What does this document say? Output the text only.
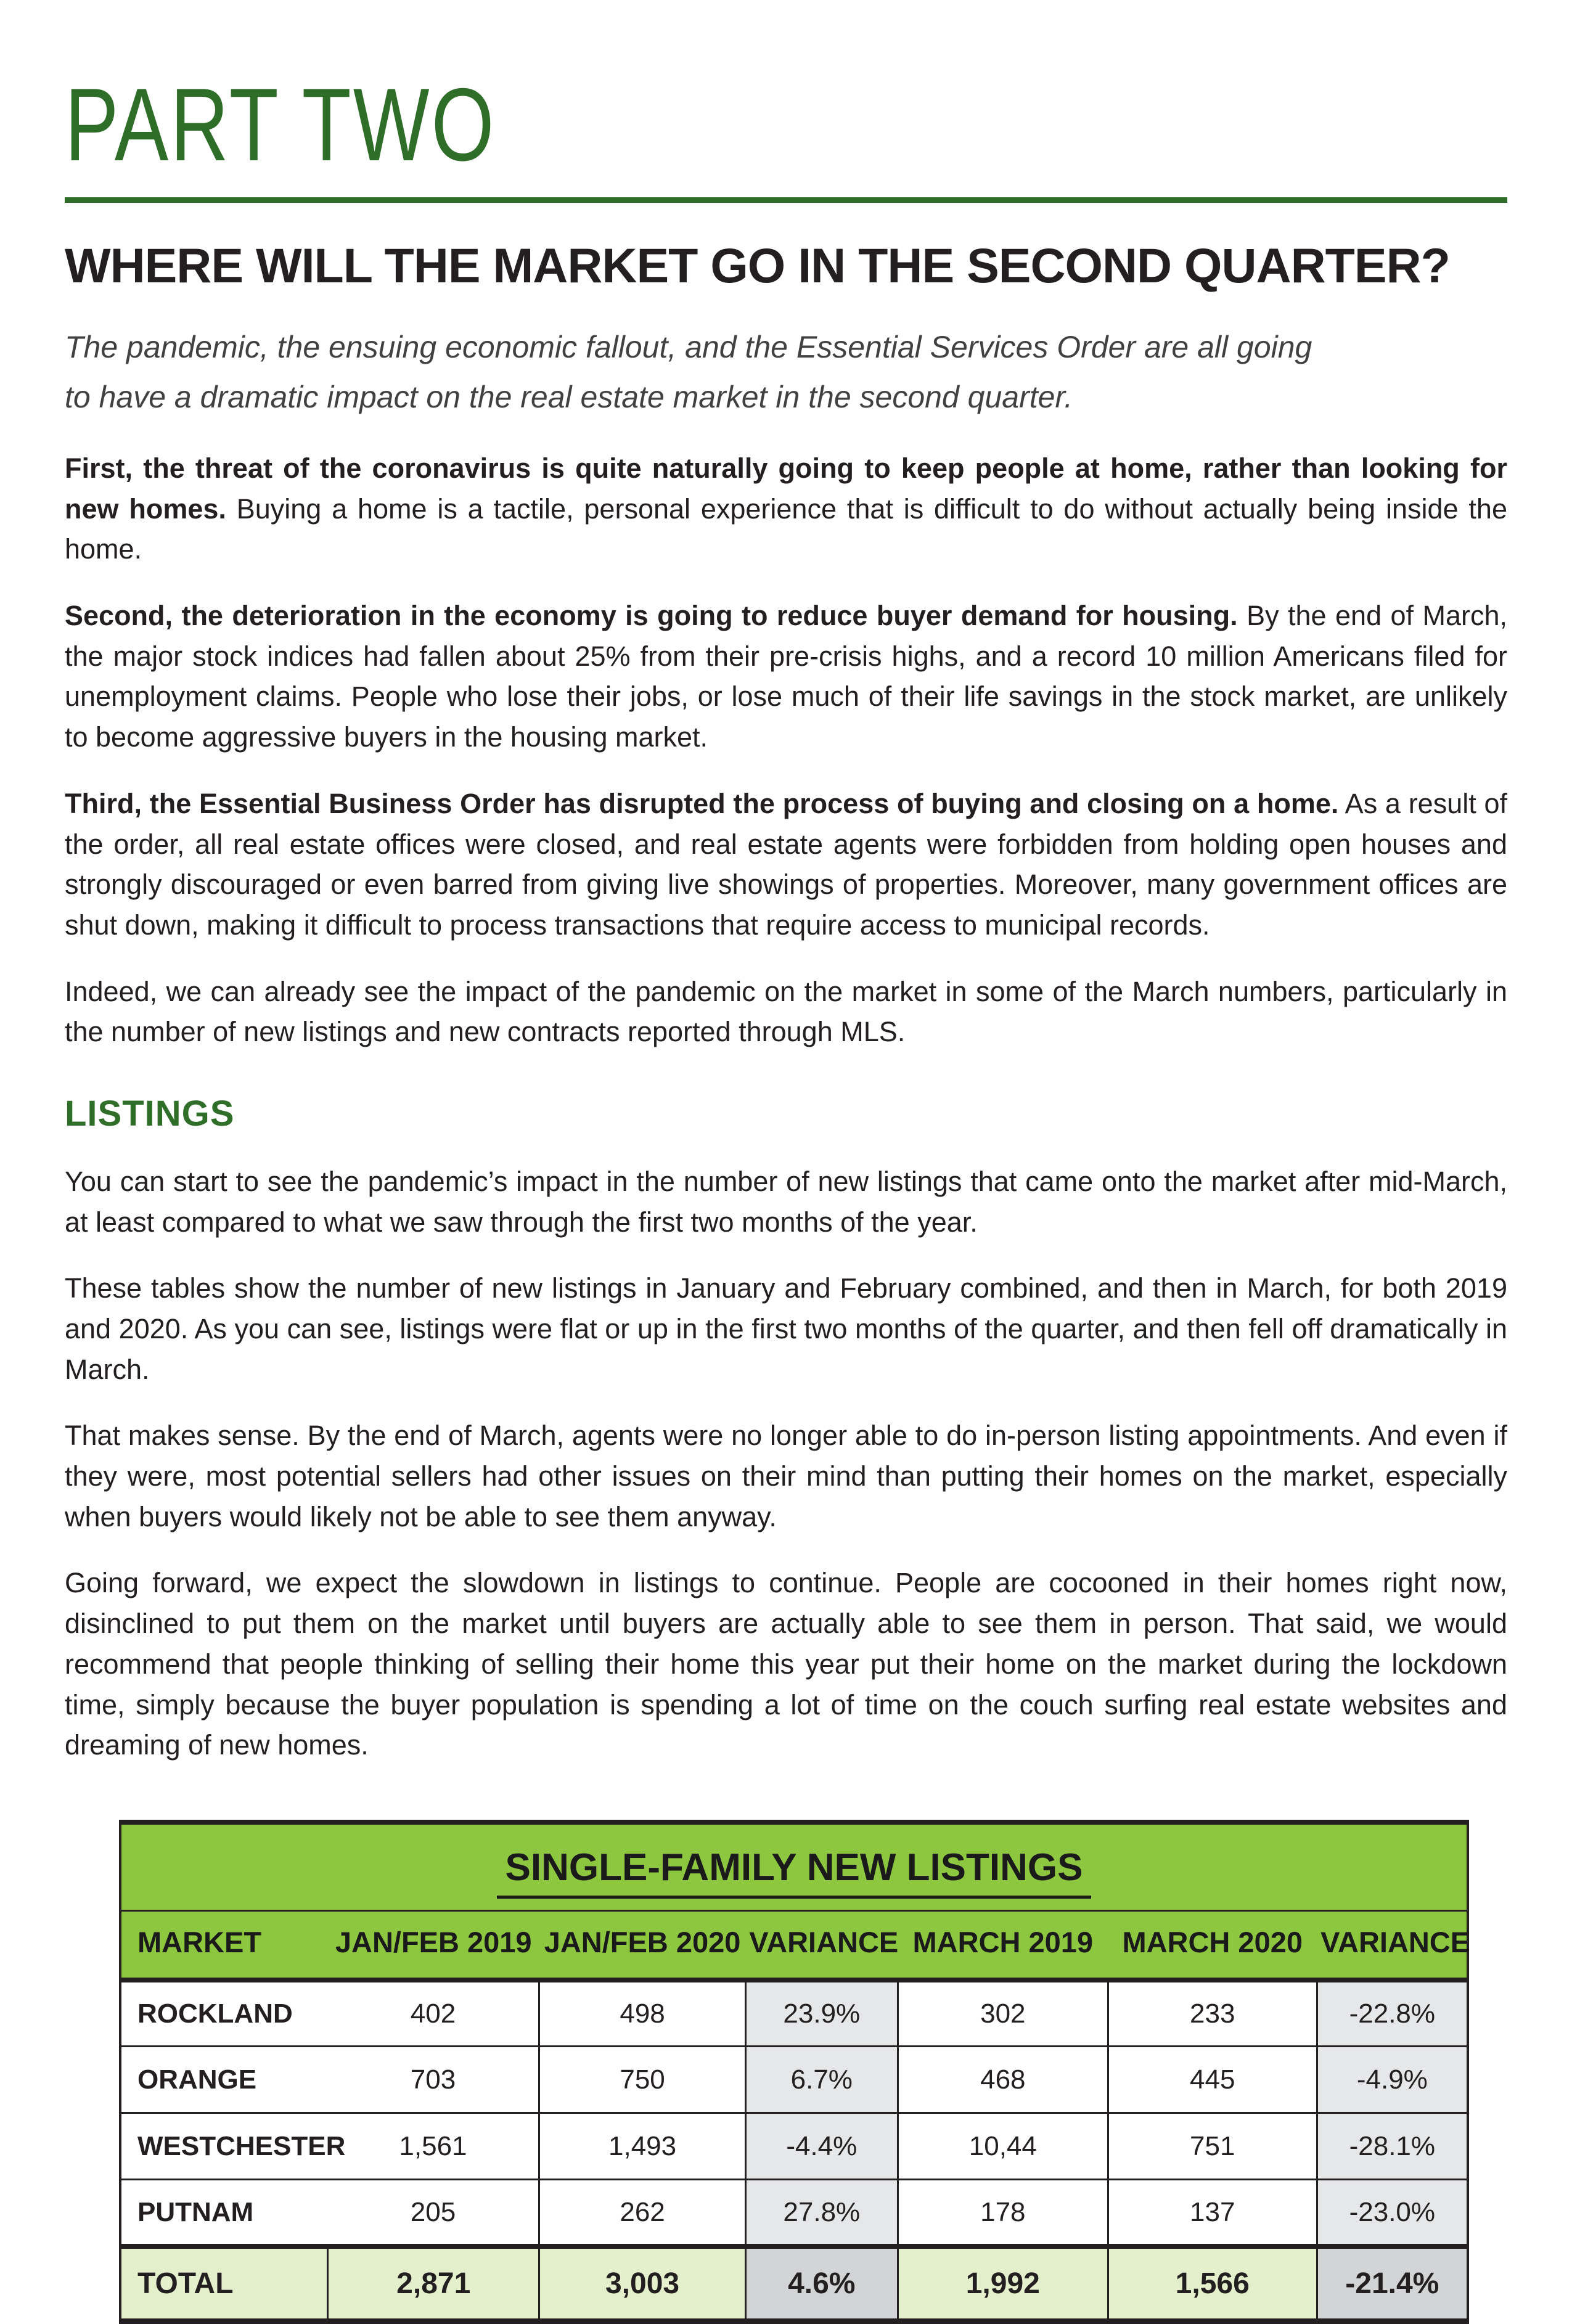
PART TWO
WHERE WILL THE MARKET GO IN THE SECOND QUARTER?

The pandemic, the ensuing economic fallout, and the Essential Services Order are all going
to have a dramatic impact on the real estate market in the second quarter.

First, the threat of the coronavirus is quite naturally going to keep people at home, rather than looking for new homes. Buying a home is a tactile, personal experience that is difficult to do without actually being inside the home.

Second, the deterioration in the economy is going to reduce buyer demand for housing. By the end of March, the major stock indices had fallen about 25% from their pre-crisis highs, and a record 10 million Americans filed for unemployment claims. People who lose their jobs, or lose much of their life savings in the stock market, are unlikely to become aggressive buyers in the housing market.

Third, the Essential Business Order has disrupted the process of buying and closing on a home. As a result of the order, all real estate offices were closed, and real estate agents were forbidden from holding open houses and strongly discouraged or even barred from giving live showings of properties. Moreover, many government offices are shut down, making it difficult to process transactions that require access to municipal records.

Indeed, we can already see the impact of the pandemic on the market in some of the March numbers, particularly in the number of new listings and new contracts reported through MLS.

LISTINGS

You can start to see the pandemic’s impact in the number of new listings that came onto the market after mid-March, at least compared to what we saw through the first two months of the year.

These tables show the number of new listings in January and February combined, and then in March, for both 2019 and 2020. As you can see, listings were flat or up in the first two months of the quarter, and then fell off dramatically in March.

That makes sense. By the end of March, agents were no longer able to do in-person listing appointments. And even if they were, most potential sellers had other issues on their mind than putting their homes on the market, especially when buyers would likely not be able to see them anyway.

Going forward, we expect the slowdown in listings to continue. People are cocooned in their homes right now, disinclined to put them on the market until buyers are actually able to see them in person. That said, we would recommend that people thinking of selling their home this year put their home on the market during the lockdown time, simply because the buyer population is spending a lot of time on the couch surfing real estate websites and dreaming of new homes.

SINGLE-FAMILY NEW LISTINGS						
MARKET	JAN/FEB 2019	JAN/FEB 2020	VARIANCE	MARCH 2019	MARCH 2020	VARIANCE
ROCKLAND	402	498	23.9%	302	233	-22.8%
ORANGE	703	750	6.7%	468	445	-4.9%
WESTCHESTER	1,561	1,493	-4.4%	10,44	751	-28.1%
PUTNAM	205	262	27.8%	178	137	-23.0%
TOTAL	2,871	3,003	4.6%	1,992	1,566	-21.4%
